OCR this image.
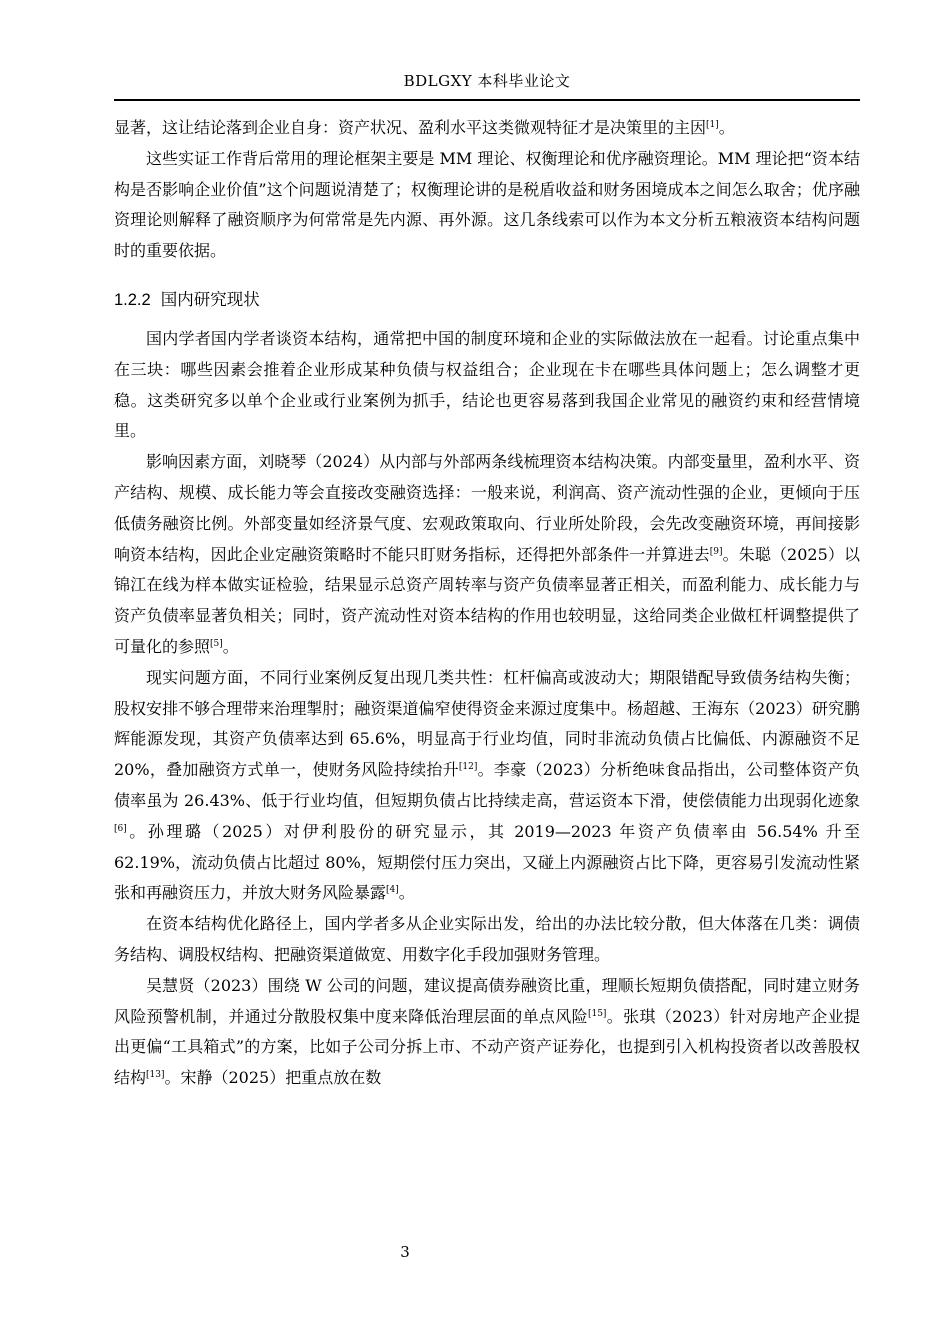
BDLGXY 本科毕业论文

显著，这让结论落到企业自身：资产状况、盈利水平这类微观特征才是决策里的主因[1]。

这些实证工作背后常用的理论框架主要是 MM 理论、权衡理论和优序融资理论。MM 理论把“资本结构是否影响企业价值”这个问题说清楚了；权衡理论讲的是税盾收益和财务困境成本之间怎么取舍；优序融资理论则解释了融资顺序为何常常是先内源、再外源。这几条线索可以作为本文分析五粮液资本结构问题时的重要依据。

1.2.2 国内研究现状

国内学者国内学者谈资本结构，通常把中国的制度环境和企业的实际做法放在一起看。讨论重点集中在三块：哪些因素会推着企业形成某种负债与权益组合；企业现在卡在哪些具体问题上；怎么调整才更稳。这类研究多以单个企业或行业案例为抓手，结论也更容易落到我国企业常见的融资约束和经营情境里。

影响因素方面，刘晓琴（2024）从内部与外部两条线梳理资本结构决策。内部变量里，盈利水平、资产结构、规模、成长能力等会直接改变融资选择：一般来说，利润高、资产流动性强的企业，更倾向于压低债务融资比例。外部变量如经济景气度、宏观政策取向、行业所处阶段，会先改变融资环境，再间接影响资本结构，因此企业定融资策略时不能只盯财务指标，还得把外部条件一并算进去[9]。朱聪（2025）以锦江在线为样本做实证检验，结果显示总资产周转率与资产负债率显著正相关，而盈利能力、成长能力与资产负债率显著负相关；同时，资产流动性对资本结构的作用也较明显，这给同类企业做杠杆调整提供了可量化的参照[5]。

现实问题方面，不同行业案例反复出现几类共性：杠杆偏高或波动大；期限错配导致债务结构失衡；股权安排不够合理带来治理掣肘；融资渠道偏窄使得资金来源过度集中。杨超越、王海东（2023）研究鹏辉能源发现，其资产负债率达到 65.6%，明显高于行业均值，同时非流动负债占比偏低、内源融资不足 20%，叠加融资方式单一，使财务风险持续抬升[12]。李豪（2023）分析绝味食品指出，公司整体资产负债率虽为 26.43%、低于行业均值，但短期负债占比持续走高，营运资本下滑，使偿债能力出现弱化迹象[6]。孙理璐（2025）对伊利股份的研究显示，其 2019—2023 年资产负债率由 56.54% 升至 62.19%，流动负债占比超过 80%，短期偿付压力突出，又碰上内源融资占比下降，更容易引发流动性紧张和再融资压力，并放大财务风险暴露[4]。

在资本结构优化路径上，国内学者多从企业实际出发，给出的办法比较分散，但大体落在几类：调债务结构、调股权结构、把融资渠道做宽、用数字化手段加强财务管理。

吴慧贤（2023）围绕 W 公司的问题，建议提高债券融资比重，理顺长短期负债搭配，同时建立财务风险预警机制，并通过分散股权集中度来降低治理层面的单点风险[15]。张琪（2023）针对房地产企业提出更偏“工具箱式”的方案，比如子公司分拆上市、不动产资产证券化，也提到引入机构投资者以改善股权结构[13]。宋静（2025）把重点放在数

3
